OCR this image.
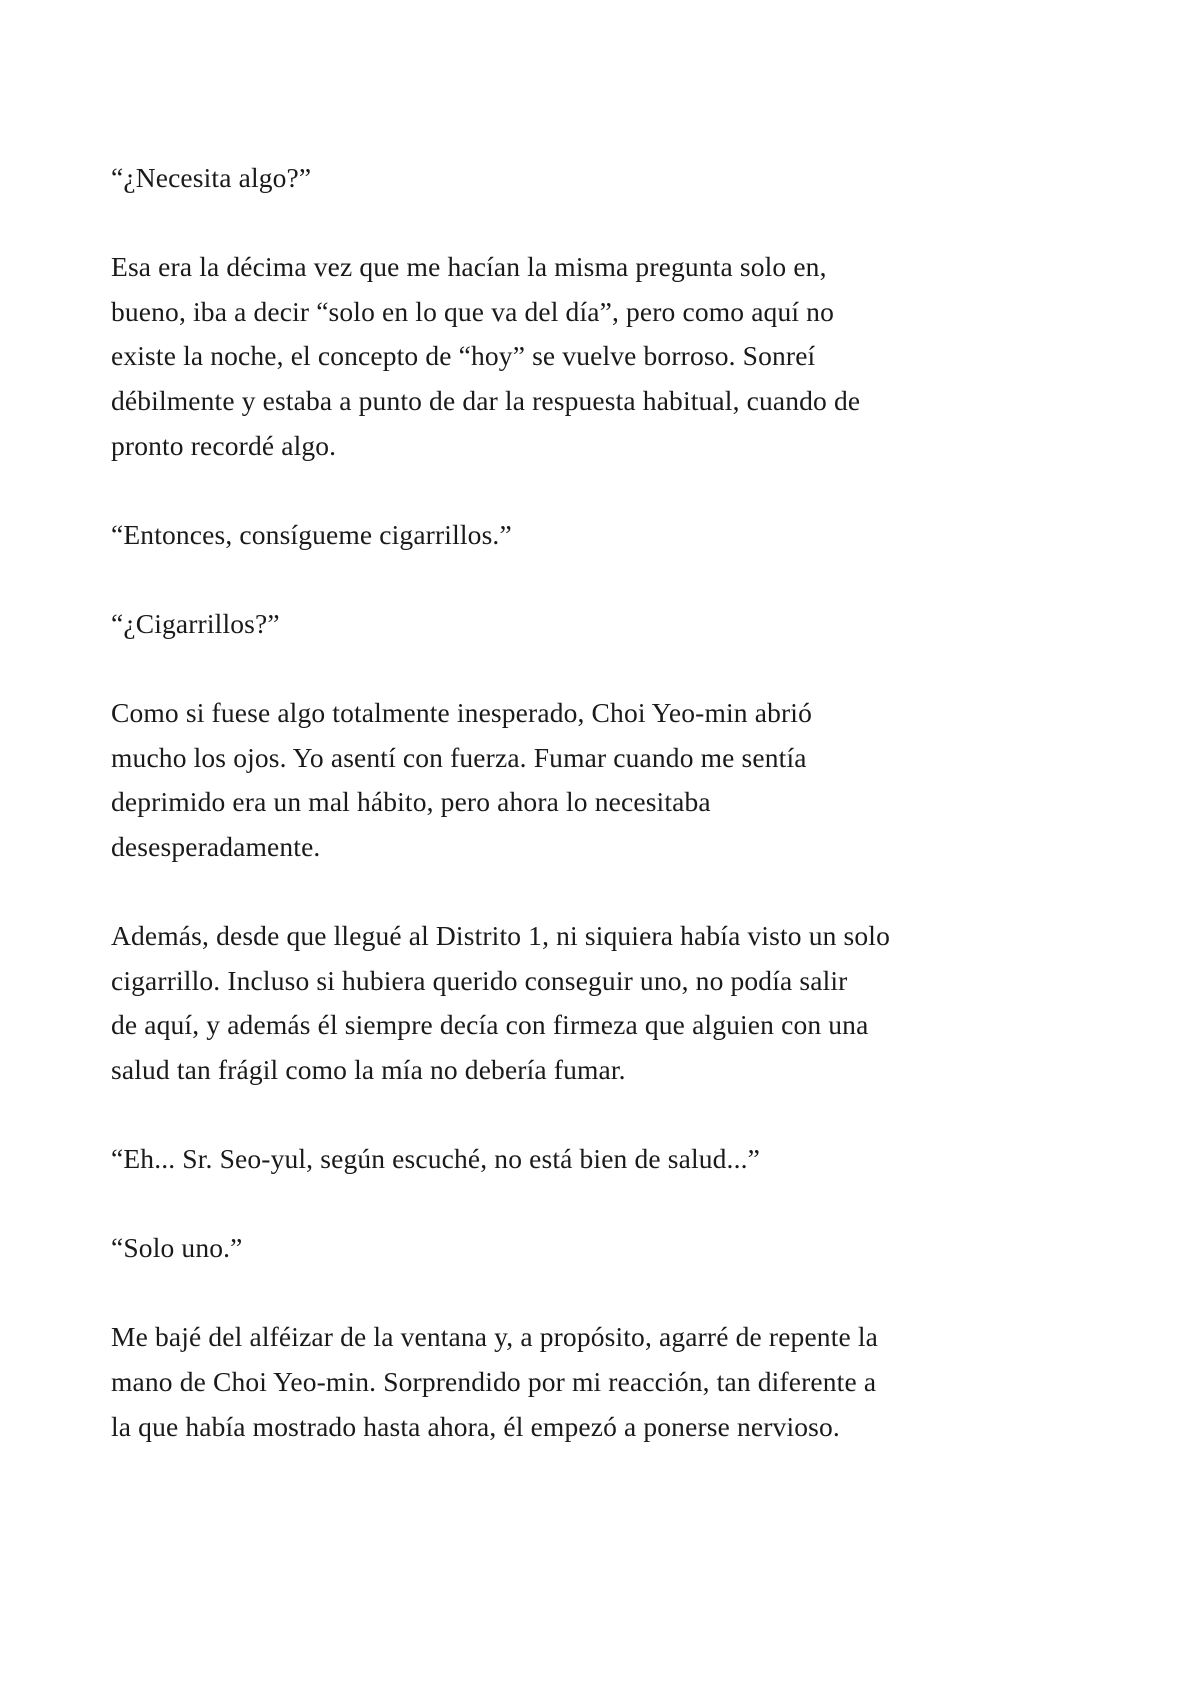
“¿Necesita algo?”

Esa era la décima vez que me hacían la misma pregunta solo en,
bueno, iba a decir “solo en lo que va del día”, pero como aquí no
existe la noche, el concepto de “hoy” se vuelve borroso. Sonreí
débilmente y estaba a punto de dar la respuesta habitual, cuando de
pronto recordé algo.

“Entonces, consígueme cigarrillos.”

“¿Cigarrillos?”

Como si fuese algo totalmente inesperado, Choi Yeo-min abrió
mucho los ojos. Yo asentí con fuerza. Fumar cuando me sentía
deprimido era un mal hábito, pero ahora lo necesitaba
desesperadamente.

Además, desde que llegué al Distrito 1, ni siquiera había visto un solo
cigarrillo. Incluso si hubiera querido conseguir uno, no podía salir
de aquí, y además él siempre decía con firmeza que alguien con una
salud tan frágil como la mía no debería fumar.

“Eh... Sr. Seo-yul, según escuché, no está bien de salud...”

“Solo uno.”

Me bajé del alféizar de la ventana y, a propósito, agarré de repente la
mano de Choi Yeo-min. Sorprendido por mi reacción, tan diferente a
la que había mostrado hasta ahora, él empezó a ponerse nervioso.
